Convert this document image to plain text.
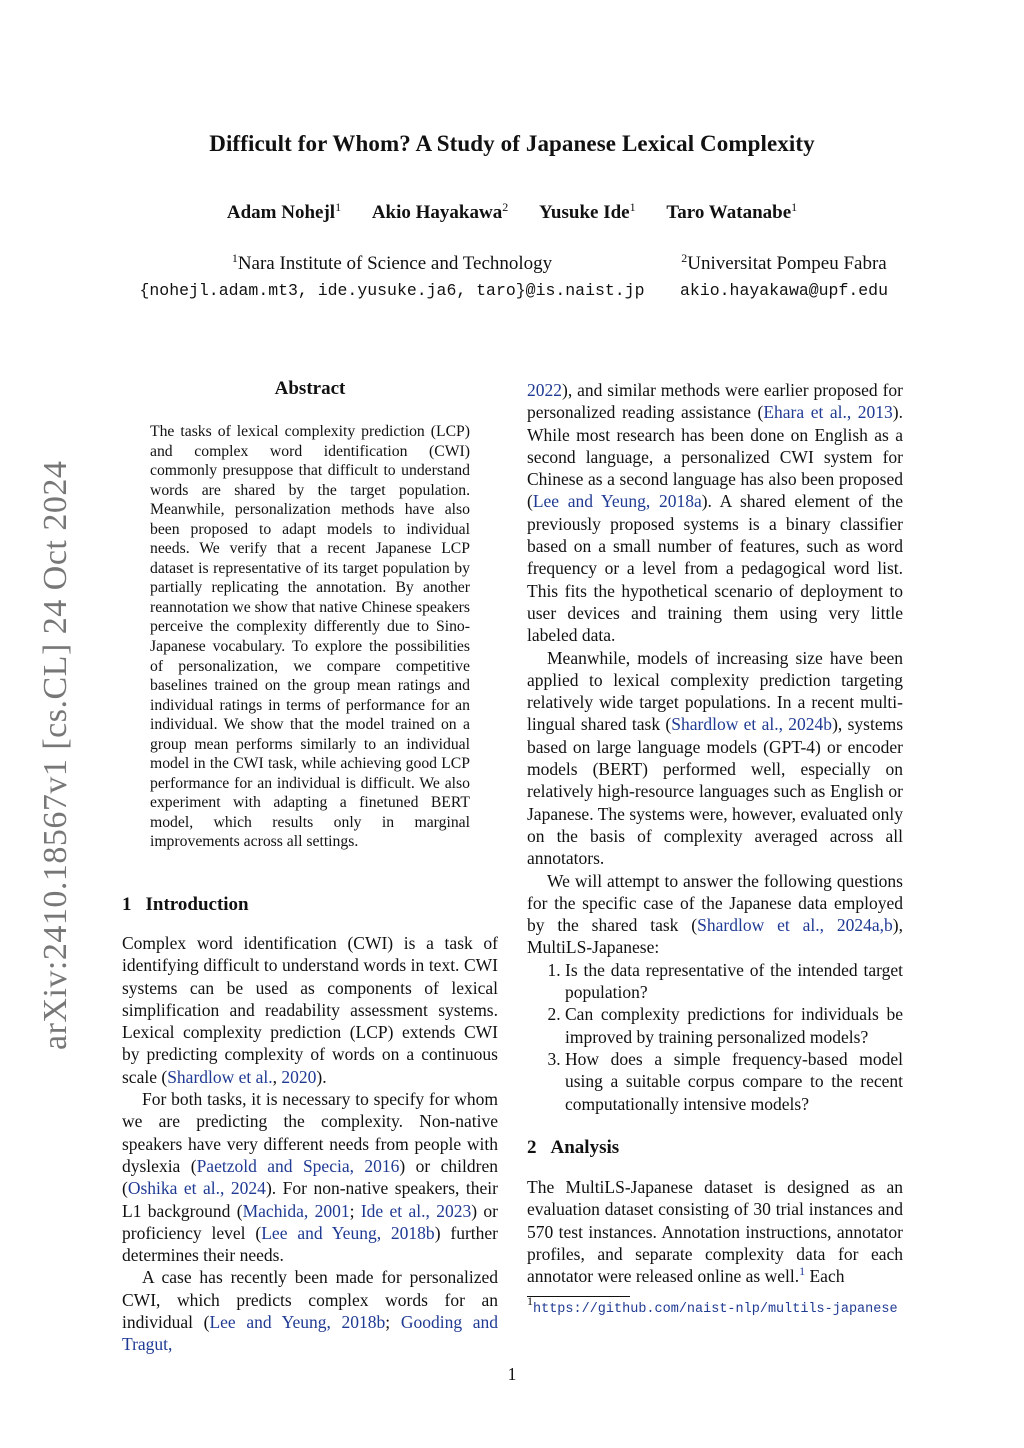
arXiv:2410.18567v1 [cs.CL] 24 Oct 2024
Difficult for Whom? A Study of Japanese Lexical Complexity
Adam Nohejl$^1$ Akio Hayakawa$^2$ Yusuke Ide$^1$ Taro Watanabe$^1$
$^1$Nara Institute of Science and Technology	$^2$Universitat Pompeu Fabra
{nohejl.adam.mt3, ide.yusuke.ja6, taro}@is.naist.jp	akio.hayakawa@upf.edu
Abstract
The tasks of lexical complexity prediction (LCP) and complex word identification (CWI) commonly presuppose that difficult to understand words are shared by the target population. Meanwhile, personalization methods have also been proposed to adapt models to individual needs. We verify that a recent Japanese LCP dataset is representative of its target population by partially replicating the annotation. By another reannotation we show that native Chinese speakers perceive the complexity differently due to Sino-Japanese vocabulary. To explore the possibilities of personalization, we compare competitive baselines trained on the group mean ratings and individual ratings in terms of performance for an individual. We show that the model trained on a group mean performs similarly to an individual model in the CWI task, while achieving good LCP performance for an individual is difficult. We also experiment with adapting a finetuned BERT model, which results only in marginal improvements across all settings.
1 Introduction

Complex word identification (CWI) is a task of identifying difficult to understand words in text. CWI systems can be used as components of lexical simplification and readability assessment systems. Lexical complexity prediction (LCP) extends CWI by predicting complexity of words on a continuous scale (Shardlow et al., 2020).

For both tasks, it is necessary to specify for whom we are predicting the complexity. Non-native speakers have very different needs from people with dyslexia (Paetzold and Specia, 2016) or children (Oshika et al., 2024). For non-native speakers, their L1 background (Machida, 2001; Ide et al., 2023) or proficiency level (Lee and Yeung, 2018b) further determines their needs.

A case has recently been made for personalized CWI, which predicts complex words for an individual (Lee and Yeung, 2018b; Gooding and Tragut,

2022), and similar methods were earlier proposed for personalized reading assistance (Ehara et al., 2013). While most research has been done on English as a second language, a personalized CWI system for Chinese as a second language has also been proposed (Lee and Yeung, 2018a). A shared element of the previously proposed systems is a binary classifier based on a small number of features, such as word frequency or a level from a pedagogical word list. This fits the hypothetical scenario of deployment to user devices and training them using very little labeled data.

Meanwhile, models of increasing size have been applied to lexical complexity prediction targeting relatively wide target populations. In a recent multi-lingual shared task (Shardlow et al., 2024b), systems based on large language models (GPT-4) or encoder models (BERT) performed well, especially on relatively high-resource languages such as English or Japanese. The systems were, however, evaluated only on the basis of complexity averaged across all annotators.

We will attempt to answer the following questions for the specific case of the Japanese data employed by the shared task (Shardlow et al., 2024a,b), MultiLS-Japanese:

1. Is the data representative of the intended target population?
2. Can complexity predictions for individuals be improved by training personalized models?
3. How does a simple frequency-based model using a suitable corpus compare to the recent computationally intensive models?
2 Analysis

The MultiLS-Japanese dataset is designed as an evaluation dataset consisting of 30 trial instances and 570 test instances. Annotation instructions, annotator profiles, and separate complexity data for each annotator were released online as well.$^1$ Each

$^1$https://github.com/naist-nlp/multils-japanese
1
